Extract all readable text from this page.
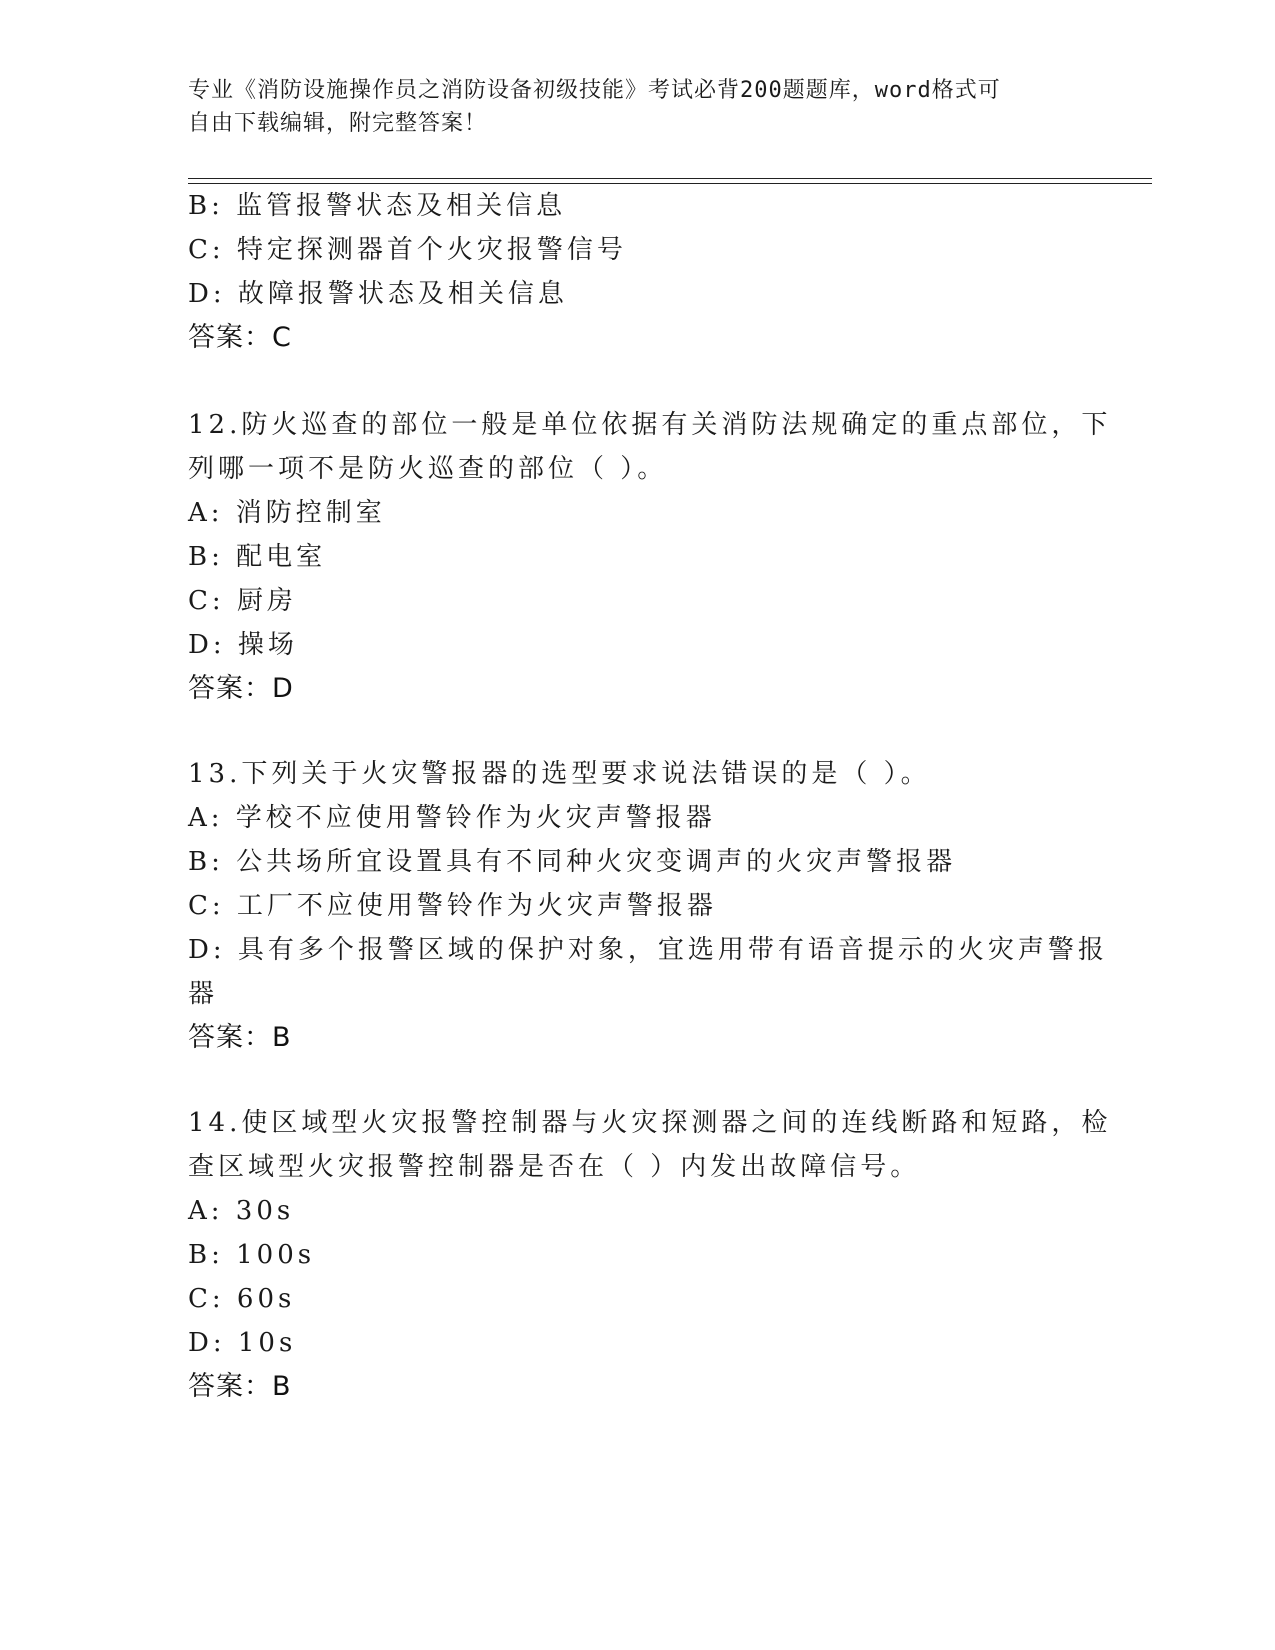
专业《消防设施操作员之消防设备初级技能》考试必背200题题库，word格式可
自由下载编辑，附完整答案！
B: 监管报警状态及相关信息
C: 特定探测器首个火灾报警信号
D: 故障报警状态及相关信息
答案：C
12.防火巡查的部位一般是单位依据有关消防法规确定的重点部位，下
列哪一项不是防火巡查的部位（ ）。
A: 消防控制室
B: 配电室
C: 厨房
D: 操场
答案：D
13.下列关于火灾警报器的选型要求说法错误的是（ ）。
A: 学校不应使用警铃作为火灾声警报器
B: 公共场所宜设置具有不同种火灾变调声的火灾声警报器
C: 工厂不应使用警铃作为火灾声警报器
D: 具有多个报警区域的保护对象，宜选用带有语音提示的火灾声警报
器
答案：B
14.使区域型火灾报警控制器与火灾探测器之间的连线断路和短路，检
查区域型火灾报警控制器是否在（ ）内发出故障信号。
A: 30s
B: 100s
C: 60s
D: 10s
答案：B
